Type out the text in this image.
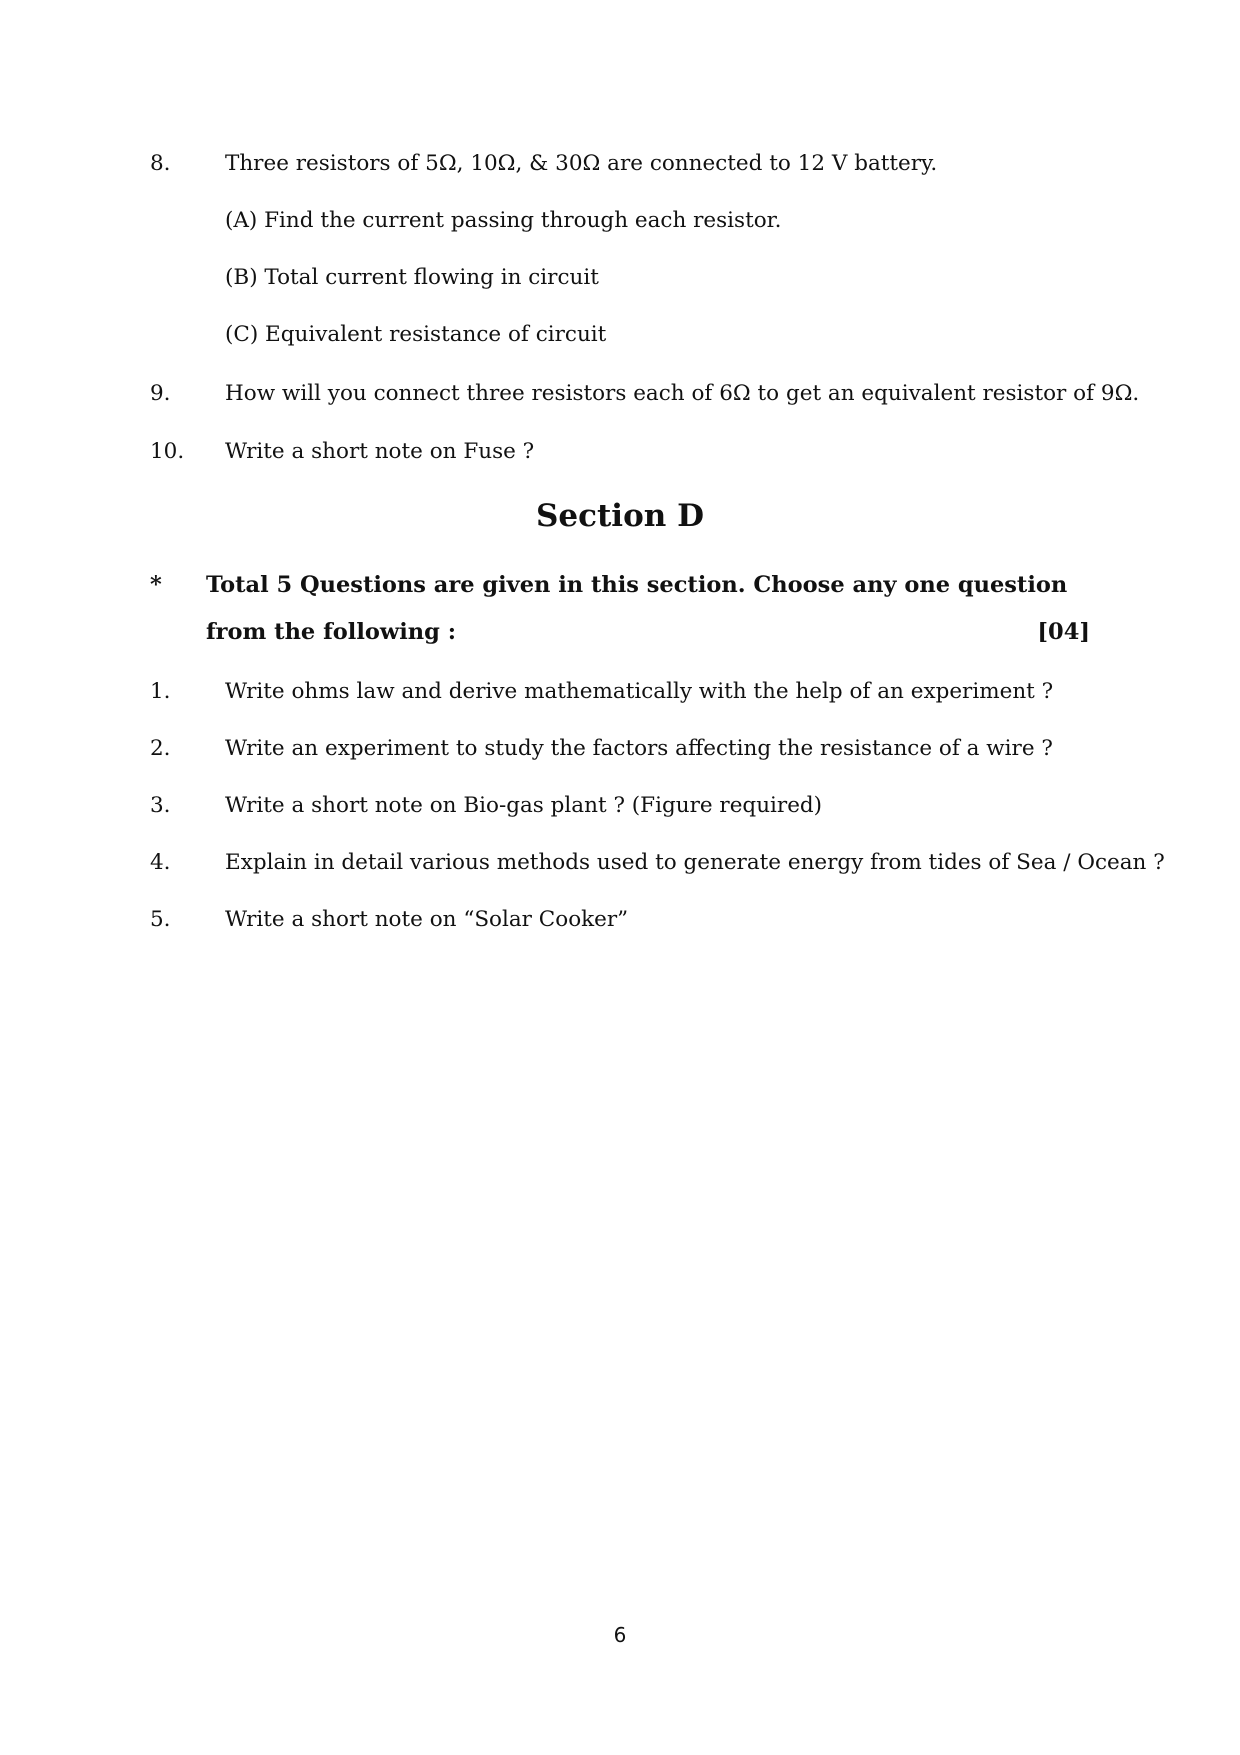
8.	Three resistors of 5Ω, 10Ω, & 30Ω are connected to 12 V battery.
(A) Find the current passing through each resistor.
(B) Total current flowing in circuit
(C) Equivalent resistance of circuit
9.	How will you connect three resistors each of 6Ω to get an equivalent resistor of 9Ω.
10. Write a short note on Fuse ?
Section D
* Total 5 Questions are given in this section. Choose any one question
from the following :	[04]
1.	Write ohms law and derive mathematically with the help of an experiment ?
2.	Write an experiment to study the factors affecting the resistance of a wire ?
3.	Write a short note on Bio-gas plant ? (Figure required)
4.	Explain in detail various methods used to generate energy from tides of Sea / Ocean ?
5.	Write a short note on “Solar Cooker”
6
